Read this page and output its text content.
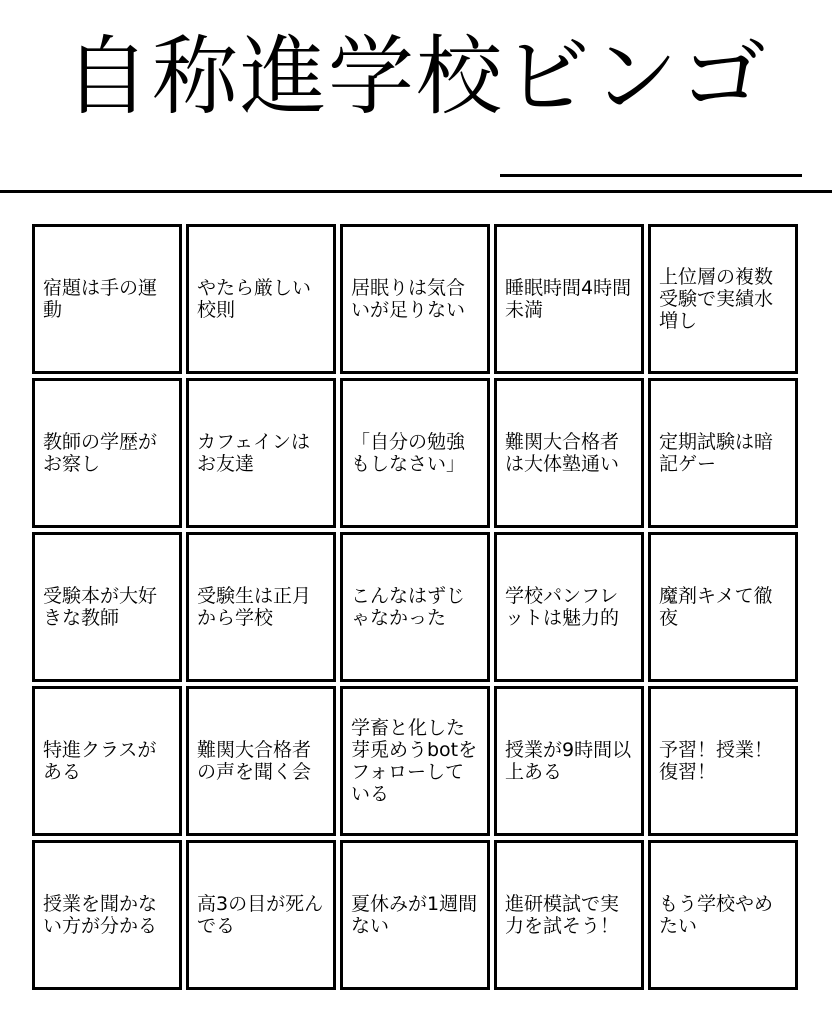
自称進学校ビンゴ
宿題は手の運動
やたら厳しい校則
居眠りは気合いが足りない
睡眠時間4時間未満
上位層の複数受験で実績水増し
教師の学歴がお察し
カフェインはお友達
「自分の勉強もしなさい」
難関大合格者は大体塾通い
定期試験は暗記ゲー
受験本が大好きな教師
受験生は正月から学校
こんなはずじゃなかった
学校パンフレットは魅力的
魔剤キメて徹夜
特進クラスがある
難関大合格者の声を聞く会
学畜と化した芽兎めうbotをフォローしている
授業が9時間以上ある
予習！授業！復習！
授業を聞かない方が分かる
高3の目が死んでる
夏休みが1週間ない
進研模試で実力を試そう！
もう学校やめたい
